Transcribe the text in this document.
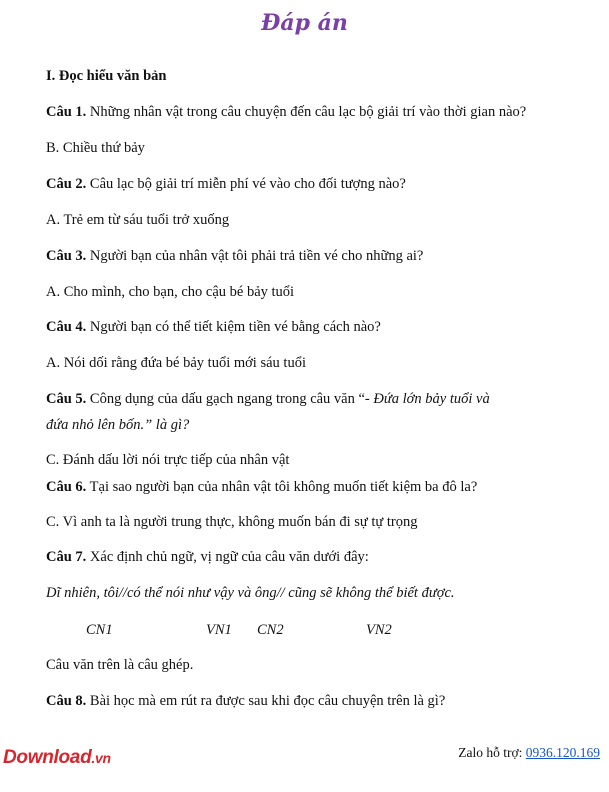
Đáp án
I. Đọc hiểu văn bản
Câu 1. Những nhân vật trong câu chuyện đến câu lạc bộ giải trí vào thời gian nào?
B. Chiều thứ bảy
Câu 2. Câu lạc bộ giải trí miễn phí vé vào cho đối tượng nào?
A. Trẻ em từ sáu tuổi trở xuống
Câu 3. Người bạn của nhân vật tôi phải trả tiền vé cho những ai?
A. Cho mình, cho bạn, cho cậu bé bảy tuổi
Câu 4. Người bạn có thể tiết kiệm tiền vé bằng cách nào?
A. Nói dối rằng đứa bé bảy tuổi mới sáu tuổi
Câu 5. Công dụng của dấu gạch ngang trong câu văn “- Đứa lớn bảy tuổi và
đứa nhỏ lên bốn.” là gì?
C. Đánh dấu lời nói trực tiếp của nhân vật
Câu 6. Tại sao người bạn của nhân vật tôi không muốn tiết kiệm ba đô la?
C. Vì anh ta là người trung thực, không muốn bán đi sự tự trọng
Câu 7. Xác định chủ ngữ, vị ngữ của câu văn dưới đây:
Dĩ nhiên, tôi//có thể nói như vậy và ông// cũng sẽ không thể biết được.
CN1	VN1 CN2	VN2
Câu văn trên là câu ghép.
Câu 8. Bài học mà em rút ra được sau khi đọc câu chuyện trên là gì?
Download.vn	Zalo hỗ trợ: 0936.120.169
